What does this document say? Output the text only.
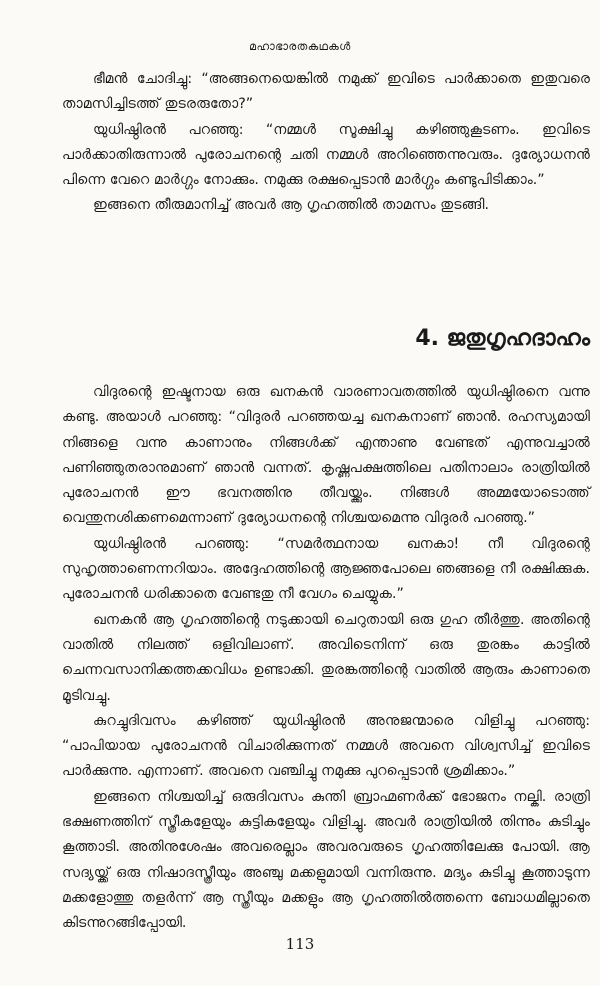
മഹാഭാരതകഥകൾ

ഭീമൻ ചോദിച്ചു: “അങ്ങനെയെങ്കിൽ നമുക്ക് ഇവിടെ പാർക്കാതെ ഇതുവരെ താമസിച്ചിടത്ത് തുടരരുതോ?”

യുധിഷ്ഠിരൻ പറഞ്ഞു: “നമ്മൾ സൂക്ഷിച്ചു കഴിഞ്ഞുകൂടണം. ഇവിടെ പാർക്കാതിരുന്നാൽ പുരോചനന്റെ ചതി നമ്മൾ അറിഞ്ഞെന്നുവരും. ദുര്യോധനൻ പിന്നെ വേറെ മാർഗ്ഗം നോക്കും. നമുക്കു രക്ഷപ്പെടാൻ മാർഗ്ഗം കണ്ടുപിടിക്കാം.”

ഇങ്ങനെ തീരുമാനിച്ച് അവർ ആ ഗൃഹത്തിൽ താമസം തുടങ്ങി.

4. ജതുഗൃഹദാഹം

വിദുരന്റെ ഇഷ്ടനായ ഒരു ഖനകൻ വാരണാവതത്തിൽ യുധിഷ്ഠിരനെ വന്നു കണ്ടു. അയാൾ പറഞ്ഞു: “വിദുരർ പറഞ്ഞയച്ച ഖനകനാണ് ഞാൻ. രഹസ്യമായി നിങ്ങളെ വന്നു കാണാനും നിങ്ങൾക്ക് എന്താണു വേണ്ടത് എന്നുവച്ചാൽ പണിഞ്ഞുതരാനുമാണ് ഞാൻ വന്നത്. കൃഷ്ണപക്ഷത്തിലെ പതിനാലാം രാത്രിയിൽ പുരോചനൻ ഈ ഭവനത്തിനു തീവയ്ക്കും. നിങ്ങൾ അമ്മയോടൊത്ത് വെന്തുനശിക്കണമെന്നാണ് ദുര്യോധനന്റെ നിശ്ചയമെന്നു വിദുരർ പറഞ്ഞു.”

യുധിഷ്ഠിരൻ പറഞ്ഞു: “സമർത്ഥനായ ഖനകാ! നീ വിദുരന്റെ സുഹൃത്താണെന്നറിയാം. അദ്ദേഹത്തിന്റെ ആജ്ഞപോലെ ഞങ്ങളെ നീ രക്ഷിക്കുക. പുരോചനൻ ധരിക്കാതെ വേണ്ടതു നീ വേഗം ചെയ്യുക.”

ഖനകൻ ആ ഗൃഹത്തിന്റെ നടുക്കായി ചെറുതായി ഒരു ഗുഹ തീർത്തു. അതിന്റെ വാതിൽ നിലത്ത് ഒളിവിലാണ്. അവിടെനിന്ന് ഒരു തുരങ്കം കാട്ടിൽ ചെന്നവസാനിക്കത്തക്കവിധം ഉണ്ടാക്കി. തുരങ്കത്തിന്റെ വാതിൽ ആരും കാണാതെ മൂടിവച്ചു.

കുറച്ചുദിവസം കഴിഞ്ഞ് യുധിഷ്ഠിരൻ അനുജന്മാരെ വിളിച്ചു പറഞ്ഞു: “പാപിയായ പുരോചനൻ വിചാരിക്കുന്നത് നമ്മൾ അവനെ വിശ്വസിച്ച് ഇവിടെ പാർക്കുന്നു. എന്നാണ്. അവനെ വഞ്ചിച്ചു നമുക്കു പുറപ്പെടാൻ ശ്രമിക്കാം.”

ഇങ്ങനെ നിശ്ചയിച്ച് ഒരുദിവസം കുന്തി ബ്രാഹ്മണർക്ക് ഭോജനം നല്കി. രാത്രി ഭക്ഷണത്തിന് സ്ത്രീകളേയും കുട്ടികളേയും വിളിച്ചു. അവർ രാത്രിയിൽ തിന്നും കുടിച്ചും കൂത്താടി. അതിനുശേഷം അവരെല്ലാം അവരവരുടെ ഗൃഹത്തിലേക്കു പോയി. ആ സദ്യയ്ക്ക് ഒരു നിഷാദസ്ത്രീയും അഞ്ചു മക്കളുമായി വന്നിരുന്നു. മദ്യം കുടിച്ചു കൂത്താടുന്ന മക്കളോത്തു തളർന്ന് ആ സ്ത്രീയും മക്കളും ആ ഗൃഹത്തിൽത്തന്നെ ബോധമില്ലാതെ കിടന്നുറങ്ങിപ്പോയി.

113
